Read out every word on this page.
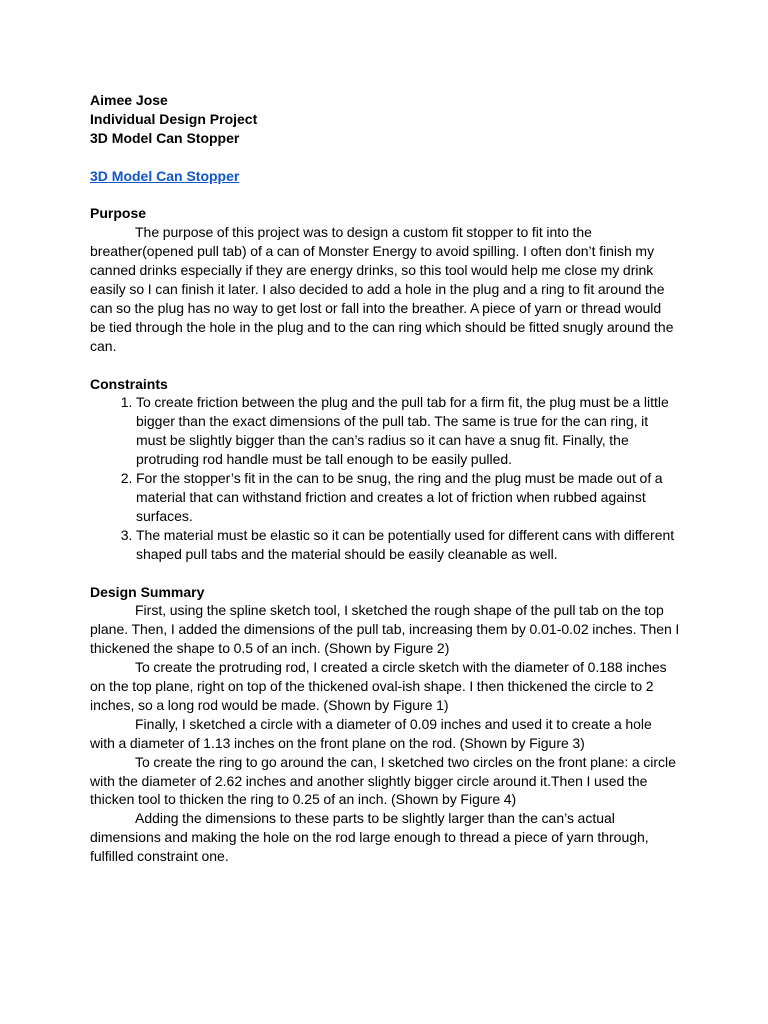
Aimee Jose
Individual Design Project
3D Model Can Stopper
3D Model Can Stopper
Purpose

The purpose of this project was to design a custom fit stopper to fit into the breather(opened pull tab) of a can of Monster Energy to avoid spilling. I often don’t finish my canned drinks especially if they are energy drinks, so this tool would help me close my drink easily so I can finish it later. I also decided to add a hole in the plug and a ring to fit around the can so the plug has no way to get lost or fall into the breather. A piece of yarn or thread would be tied through the hole in the plug and to the can ring which should be fitted snugly around the can.

Constraints
1. To create friction between the plug and the pull tab for a firm fit, the plug must be a little bigger than the exact dimensions of the pull tab. The same is true for the can ring, it must be slightly bigger than the can’s radius so it can have a snug fit. Finally, the protruding rod handle must be tall enough to be easily pulled.
2. For the stopper’s fit in the can to be snug, the ring and the plug must be made out of a material that can withstand friction and creates a lot of friction when rubbed against surfaces.
3. The material must be elastic so it can be potentially used for different cans with different shaped pull tabs and the material should be easily cleanable as well.
Design Summary

First, using the spline sketch tool, I sketched the rough shape of the pull tab on the top plane. Then, I added the dimensions of the pull tab, increasing them by 0.01-0.02 inches. Then I thickened the shape to 0.5 of an inch. (Shown by Figure 2)

To create the protruding rod, I created a circle sketch with the diameter of 0.188 inches on the top plane, right on top of the thickened oval-ish shape. I then thickened the circle to 2 inches, so a long rod would be made. (Shown by Figure 1)

Finally, I sketched a circle with a diameter of 0.09 inches and used it to create a hole with a diameter of 1.13 inches on the front plane on the rod. (Shown by Figure 3)

To create the ring to go around the can, I sketched two circles on the front plane: a circle with the diameter of 2.62 inches and another slightly bigger circle around it.Then I used the thicken tool to thicken the ring to 0.25 of an inch. (Shown by Figure 4)

Adding the dimensions to these parts to be slightly larger than the can’s actual dimensions and making the hole on the rod large enough to thread a piece of yarn through, fulfilled constraint one.
